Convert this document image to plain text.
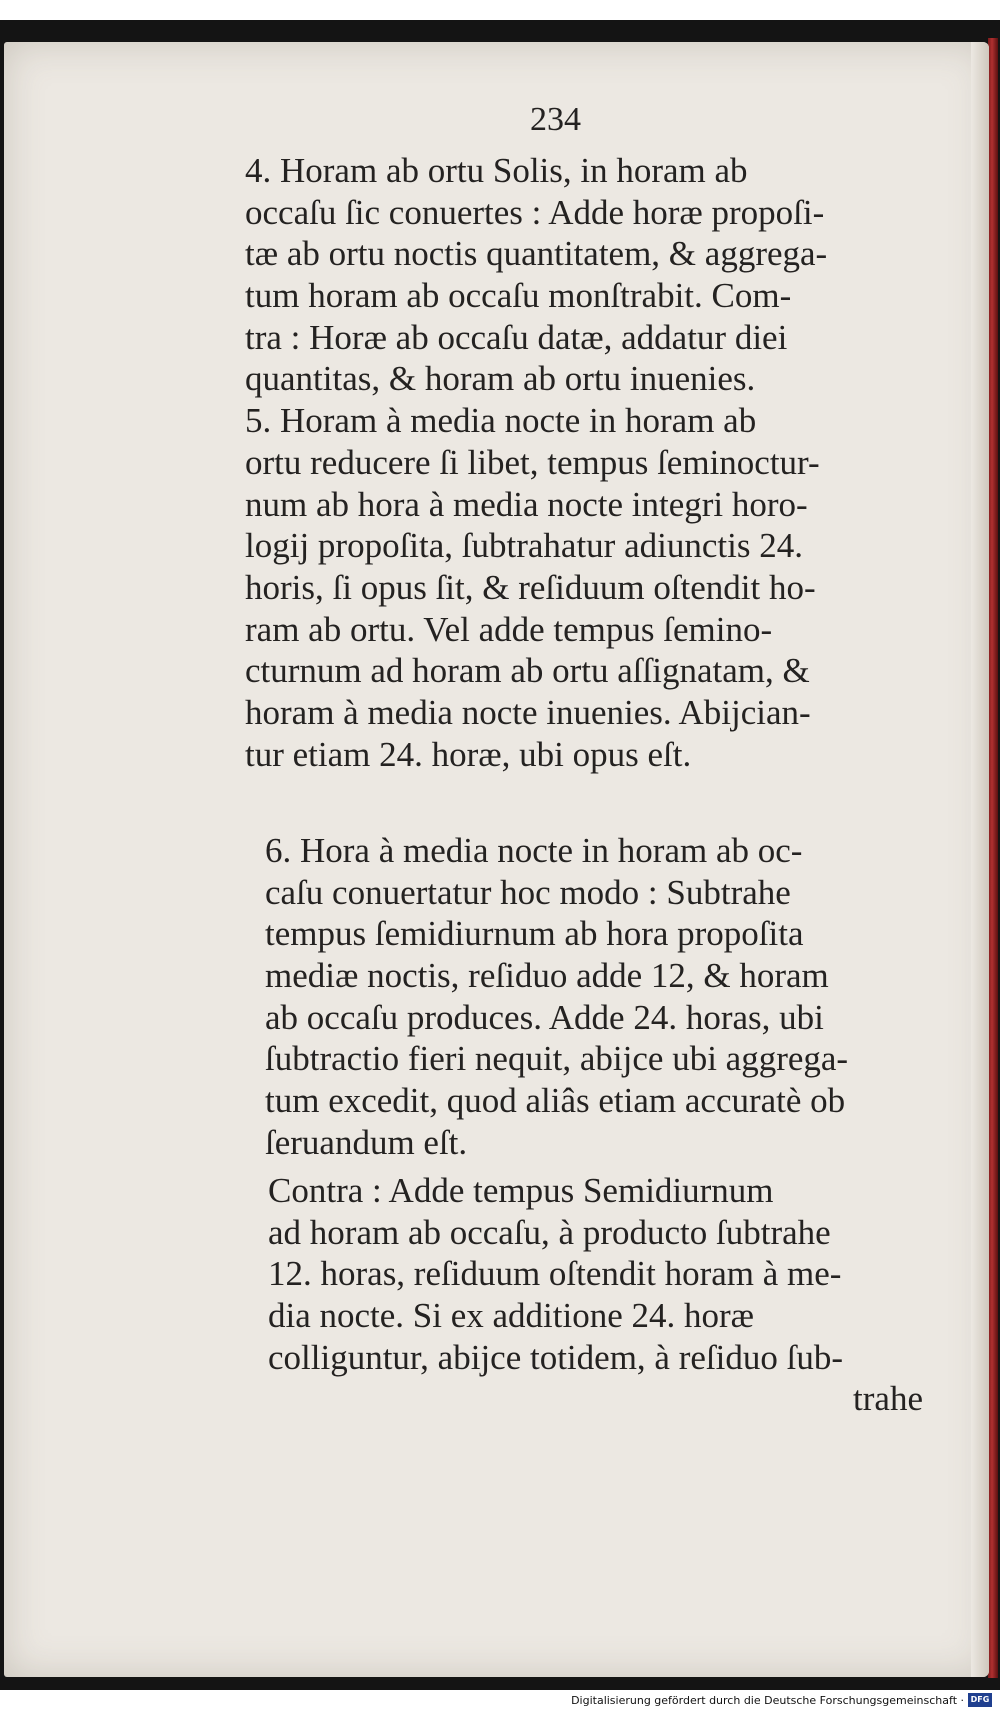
234
4. Horam ab ortu Solis, in horam ab
occaſu ſic conuertes : Adde horæ propoſi-
tæ ab ortu noctis quantitatem, & aggrega-
tum horam ab occaſu monſtrabit. Com-
tra : Horæ ab occaſu datæ, addatur diei
quantitas, & horam ab ortu inuenies.
5. Horam à media nocte in horam ab
ortu reducere ſi libet, tempus ſeminoctur-
num ab hora à media nocte integri horo-
logij propoſita, ſubtrahatur adiunctis 24.
horis, ſi opus ſit, & reſiduum oſtendit ho-
ram ab ortu. Vel adde tempus ſemino-
cturnum ad horam ab ortu aſſignatam, &
horam à media nocte inuenies. Abijcian-
tur etiam 24. horæ, ubi opus eſt.
6. Hora à media nocte in horam ab oc-
caſu conuertatur hoc modo : Subtrahe
tempus ſemidiurnum ab hora propoſita
mediæ noctis, reſiduo adde 12, & horam
ab occaſu produces. Adde 24. horas, ubi
ſubtractio fieri nequit, abijce ubi aggrega-
tum excedit, quod aliâs etiam accuratè ob
ſeruandum eſt.
Contra : Adde tempus Semidiurnum
ad horam ab occaſu, à producto ſubtrahe
12. horas, reſiduum oſtendit horam à me-
dia nocte. Si ex additione 24. horæ
colliguntur, abijce totidem, à reſiduo ſub-
trahe
Digitalisierung gefördert durch die Deutsche Forschungsgemeinschaft · DFG
